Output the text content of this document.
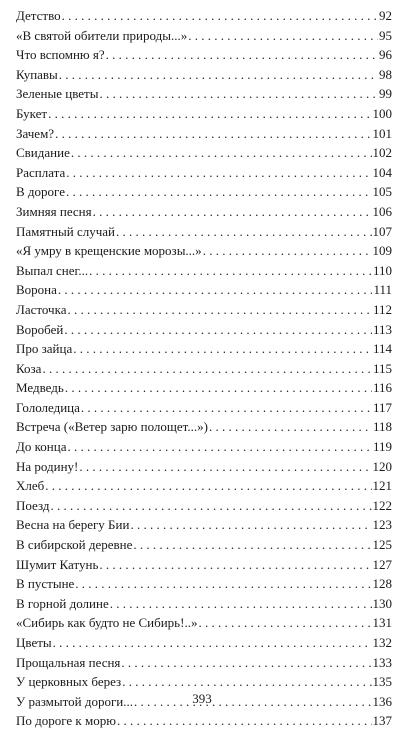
Детство . . .	92
«В святой обители природы...» . . .	95
Что вспомню я? . . .	96
Купавы . . .	98
Зеленые цветы . . .	99
Букет . . .	100
Зачем? . . .	101
Свидание . . .	102
Расплата . . .	104
В дороге . . .	105
Зимняя песня . . .	106
Памятный случай . . .	107
«Я умру в крещенские морозы...» . . .	109
Выпал снег... . . .	110
Ворона . . .	111
Ласточка . . .	112
Воробей . . .	113
Про зайца . . .	114
Коза . . .	115
Медведь . . .	116
Гололедица . . .	117
Встреча («Ветер зарю полощет...») . . .	118
До конца . . .	119
На родину! . . .	120
Хлеб . . .	121
Поезд . . .	122
Весна на берегу Бии . . .	123
В сибирской деревне . . .	125
Шумит Катунь . . .	127
В пустыне . . .	128
В горной долине . . .	130
«Сибирь как будто не Сибирь!..» . . .	131
Цветы . . .	132
Прощальная песня . . .	133
У церковных берез . . .	135
У размытой дороги... . . .	136
По дороге к морю . . .	137
393
